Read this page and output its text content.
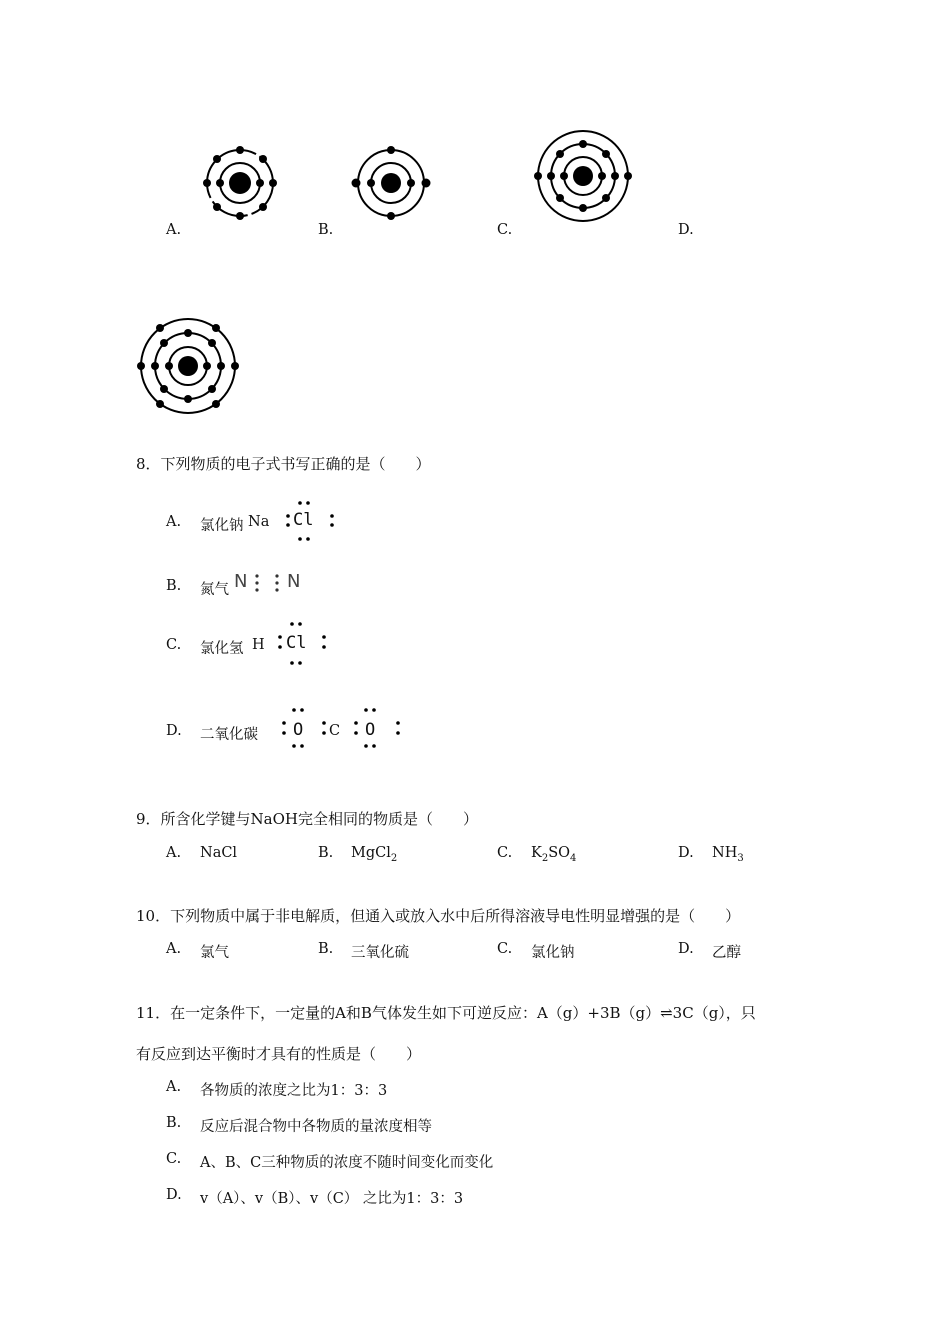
A.	B.	C.	D.
8．下列物质的电子式书写正确的是（　　）
A. 氯化钠 Na Cl
B. 氮气 N N
C. 氯化氢 H Cl
D. 二氧化碳 O C O
9．所含化学键与NaOH完全相同的物质是（　　）
A. NaCl	B. MgCl$_2$	C. $K_2SO_4$	D. $NH_3$
10．下列物质中属于非电解质，但通入或放入水中后所得溶液导电性明显增强的是（　　）
A. 氯气	B. 三氧化硫	C. 氯化钠	D. 乙醇
11．在一定条件下，一定量的A和B气体发生如下可逆反应：A（g）+3B（g）⇌3C（g），只
有反应到达平衡时才具有的性质是（　　）
A. 各物质的浓度之比为1：3：3
B. 反应后混合物中各物质的量浓度相等
C. A、B、C三种物质的浓度不随时间变化而变化
D. v（A）、v（B）、v（C） 之比为1：3：3
